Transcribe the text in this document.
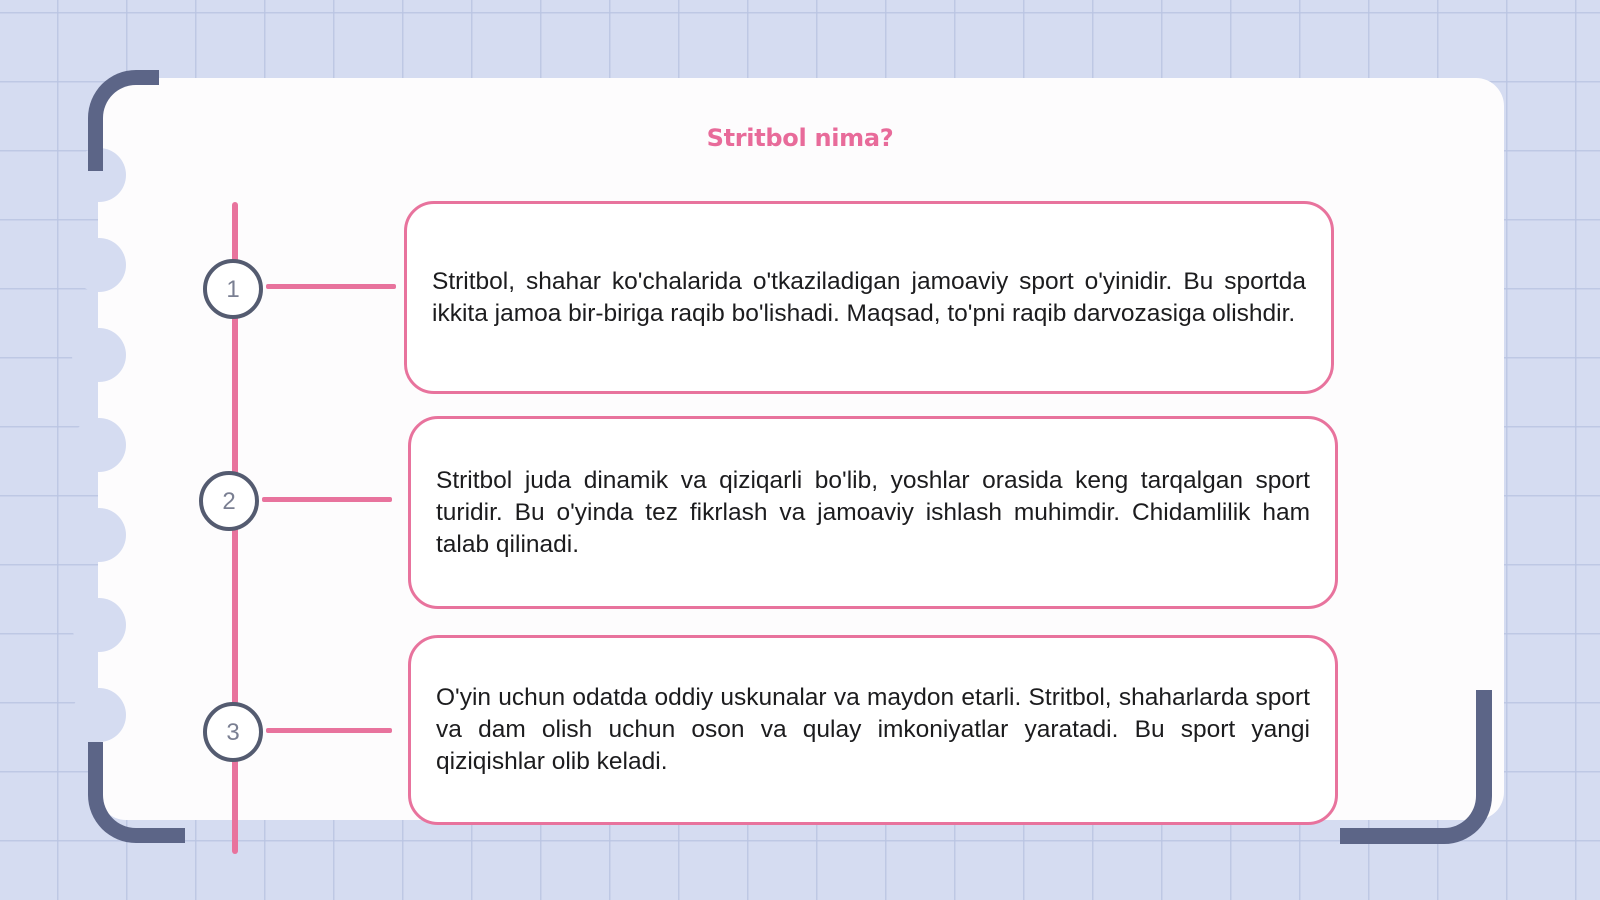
Stritbol nima?
1
2
3

Stritbol, shahar ko'chalarida o'tkaziladigan jamoaviy sport o'yinidir. Bu sportda ikkita jamoa bir-biriga raqib bo'lishadi. Maqsad, to'pni raqib darvozasiga olishdir.

Stritbol juda dinamik va qiziqarli bo'lib, yoshlar orasida keng tarqalgan sport turidir. Bu o'yinda tez fikrlash va jamoaviy ishlash muhimdir. Chidamlilik ham talab qilinadi.

O'yin uchun odatda oddiy uskunalar va maydon etarli. Stritbol, shaharlarda sport va dam olish uchun oson va qulay imkoniyatlar yaratadi. Bu sport yangi qiziqishlar olib keladi.
